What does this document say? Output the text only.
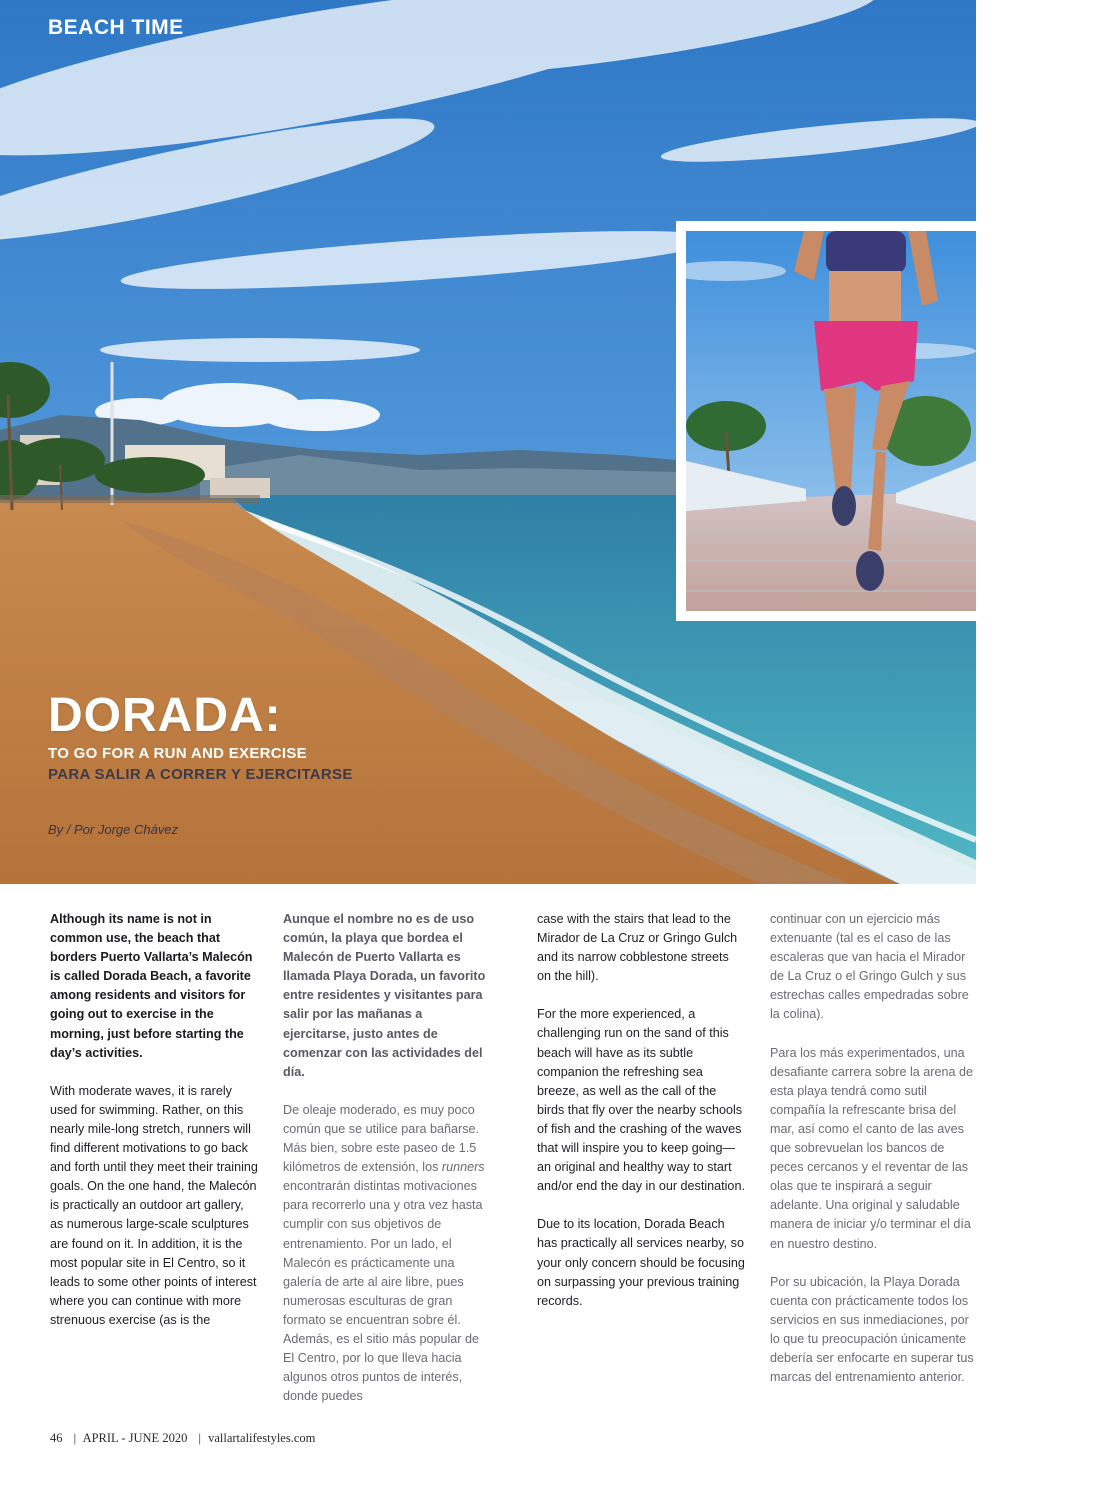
BEACH TIME
DORADA:
TO GO FOR A RUN AND EXERCISE
PARA SALIR A CORRER Y EJERCITARSE
By / Por Jorge Chávez

Although its name is not in common use, the beach that borders Puerto Vallarta’s Malecón is called Dorada Beach, a favorite among residents and visitors for going out to exercise in the morning, just before starting the day’s activities.

With moderate waves, it is rarely used for swimming. Rather, on this nearly mile-long stretch, runners will find different motivations to go back and forth until they meet their training goals. On the one hand, the Malecón is practically an outdoor art gallery, as numerous large-scale sculptures are found on it. In addition, it is the most popular site in El Centro, so it leads to some other points of interest where you can continue with more strenuous exercise (as is the

Aunque el nombre no es de uso común, la playa que bordea el Malecón de Puerto Vallarta es llamada Playa Dorada, un favorito entre residentes y visitantes para salir por las mañanas a ejercitarse, justo antes de comenzar con las actividades del día.

De oleaje moderado, es muy poco común que se utilice para bañarse. Más bien, sobre este paseo de 1.5 kilómetros de extensión, los runners encontrarán distintas motivaciones para recorrerlo una y otra vez hasta cumplir con sus objetivos de entrenamiento. Por un lado, el Malecón es prácticamente una galería de arte al aire libre, pues numerosas esculturas de gran formato se encuentran sobre él. Además, es el sitio más popular de El Centro, por lo que lleva hacia algunos otros puntos de interés, donde puedes

case with the stairs that lead to the Mirador de La Cruz or Gringo Gulch and its narrow cobblestone streets on the hill).

For the more experienced, a challenging run on the sand of this beach will have as its subtle companion the refreshing sea breeze, as well as the call of the birds that fly over the nearby schools of fish and the crashing of the waves that will inspire you to keep going—an original and healthy way to start and/or end the day in our destination.

Due to its location, Dorada Beach has practically all services nearby, so your only concern should be focusing on surpassing your previous training records.

continuar con un ejercicio más extenuante (tal es el caso de las escaleras que van hacia el Mirador de La Cruz o el Gringo Gulch y sus estrechas calles empedradas sobre la colina).

Para los más experimentados, una desafiante carrera sobre la arena de esta playa tendrá como sutil compañía la refrescante brisa del mar, así como el canto de las aves que sobrevuelan los bancos de peces cercanos y el reventar de las olas que te inspirará a seguir adelante. Una original y saludable manera de iniciar y/o terminar el día en nuestro destino.

Por su ubicación, la Playa Dorada cuenta con prácticamente todos los servicios en sus inmediaciones, por lo que tu preocupación únicamente debería ser enfocarte en superar tus marcas del entrenamiento anterior.

46 | APRIL - JUNE 2020 | vallartalifestyles.com
